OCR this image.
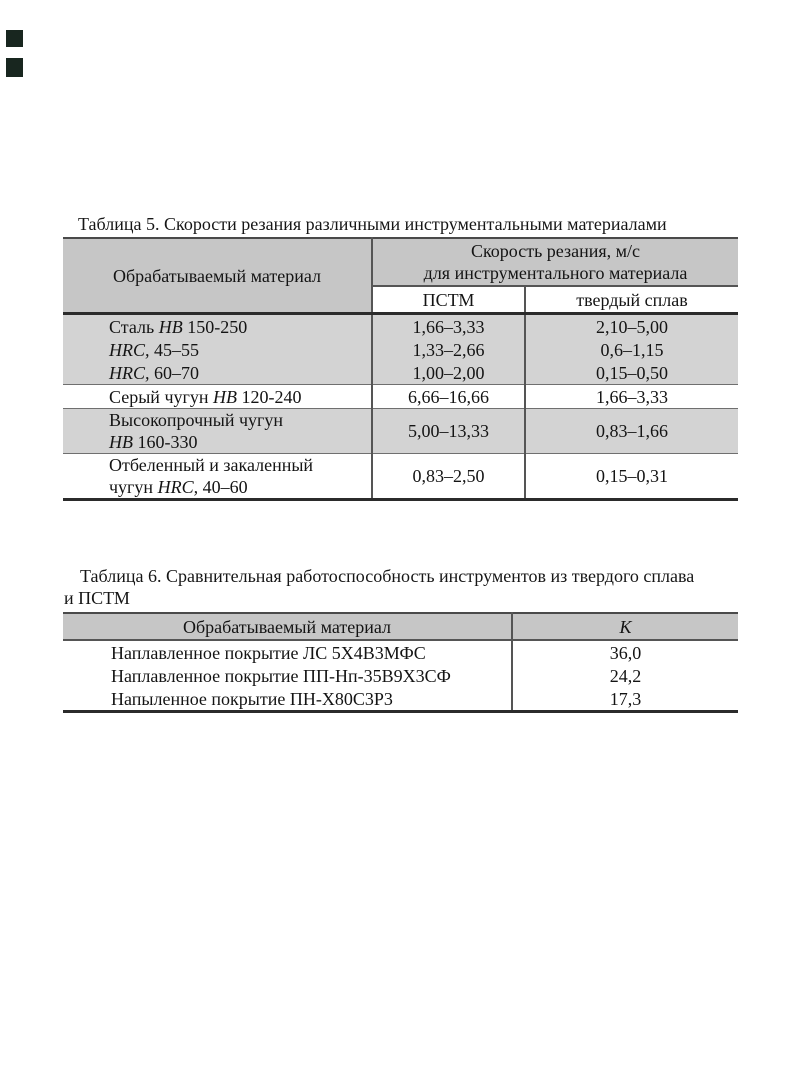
Таблица 5. Скорости резания различными инструментальными материалами

Обрабатываемый материал	Скорость резания, м/с
для инструментального материала	

	ПСТМ	твердый сплав

Сталь HB 150-250	1,66–3,33	2,10–5,00

HRC, 45–55	1,33–2,66	0,6–1,15

HRC, 60–70	1,00–2,00	0,15–0,50

Серый чугун HB 120-240	6,66–16,66	1,66–3,33

Высокопрочный чугун
HB 160-330	5,00–13,33	0,83–1,66

Отбеленный и закаленный
чугун HRC, 40–60	0,83–2,50	0,15–0,31

Таблица 6. Сравнительная работоспособность инструментов из твердого сплава

и ПСТМ

Обрабатываемый материал	K
Наплавленное покрытие ЛС 5Х4В3МФС	36,0
Наплавленное покрытие ПП-Нп-35В9Х3СФ	24,2
Напыленное покрытие ПН-Х80С3Р3	17,3
